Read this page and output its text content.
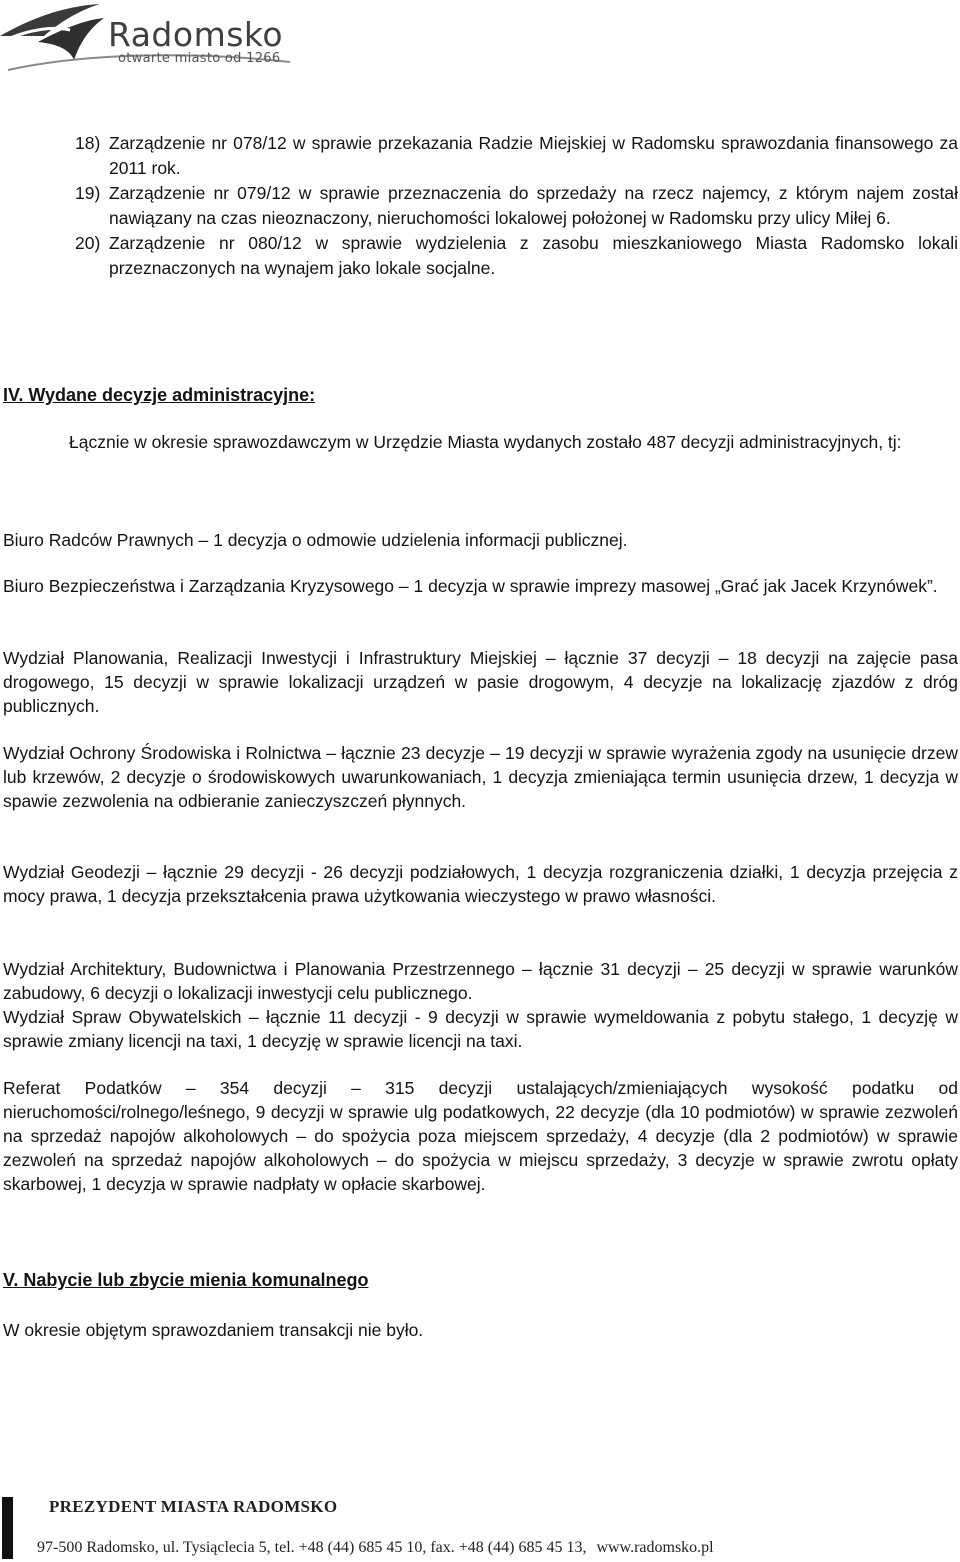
Radomsko
otwarte miasto od 1266
18) Zarządzenie nr 078/12 w sprawie przekazania Radzie Miejskiej w Radomsku sprawozdania finansowego za 2011 rok.
19) Zarządzenie nr 079/12 w sprawie przeznaczenia do sprzedaży na rzecz najemcy, z którym najem został nawiązany na czas nieoznaczony, nieruchomości lokalowej położonej w Radomsku przy ulicy Miłej 6.
20) Zarządzenie nr 080/12 w sprawie wydzielenia z zasobu mieszkaniowego Miasta Radomsko lokali przeznaczonych na wynajem jako lokale socjalne.
IV. Wydane decyzje administracyjne:

Łącznie w okresie sprawozdawczym w Urzędzie Miasta wydanych zostało 487 decyzji administracyjnych, tj:

Biuro Radców Prawnych – 1 decyzja o odmowie udzielenia informacji publicznej.

Biuro Bezpieczeństwa i Zarządzania Kryzysowego – 1 decyzja w sprawie imprezy masowej „Grać jak Jacek Krzynówek”.

Wydział Planowania, Realizacji Inwestycji i Infrastruktury Miejskiej – łącznie 37 decyzji – 18 decyzji na zajęcie pasa drogowego, 15 decyzji w sprawie lokalizacji urządzeń w pasie drogowym, 4 decyzje na lokalizację zjazdów z dróg publicznych.

Wydział Ochrony Środowiska i Rolnictwa – łącznie 23 decyzje – 19 decyzji w sprawie wyrażenia zgody na usunięcie drzew lub krzewów, 2 decyzje o środowiskowych uwarunkowaniach, 1 decyzja zmieniająca termin usunięcia drzew, 1 decyzja w spawie zezwolenia na odbieranie zanieczyszczeń płynnych.

Wydział Geodezji – łącznie 29 decyzji - 26 decyzji podziałowych, 1 decyzja rozgraniczenia działki, 1 decyzja przejęcia z mocy prawa, 1 decyzja przekształcenia prawa użytkowania wieczystego w prawo własności.

Wydział Architektury, Budownictwa i Planowania Przestrzennego – łącznie 31 decyzji – 25 decyzji w sprawie warunków zabudowy, 6 decyzji o lokalizacji inwestycji celu publicznego.

Wydział Spraw Obywatelskich – łącznie 11 decyzji - 9 decyzji w sprawie wymeldowania z pobytu stałego, 1 decyzję w sprawie zmiany licencji na taxi, 1 decyzję w sprawie licencji na taxi.

Referat Podatków – 354 decyzji – 315 decyzji ustalających/zmieniających wysokość podatku od nieruchomości/rolnego/leśnego, 9 decyzji w sprawie ulg podatkowych, 22 decyzje (dla 10 podmiotów) w sprawie zezwoleń na sprzedaż napojów alkoholowych – do spożycia poza miejscem sprzedaży, 4 decyzje (dla 2 podmiotów) w sprawie zezwoleń na sprzedaż napojów alkoholowych – do spożycia w miejscu sprzedaży, 3 decyzje w sprawie zwrotu opłaty skarbowej, 1 decyzja w sprawie nadpłaty w opłacie skarbowej.

V. Nabycie lub zbycie mienia komunalnego

W okresie objętym sprawozdaniem transakcji nie było.

PREZYDENT MIASTA RADOMSKO
97-500 Radomsko, ul. Tysiąclecia 5, tel. +48 (44) 685 45 10, fax. +48 (44) 685 45 13, www.radomsko.pl
